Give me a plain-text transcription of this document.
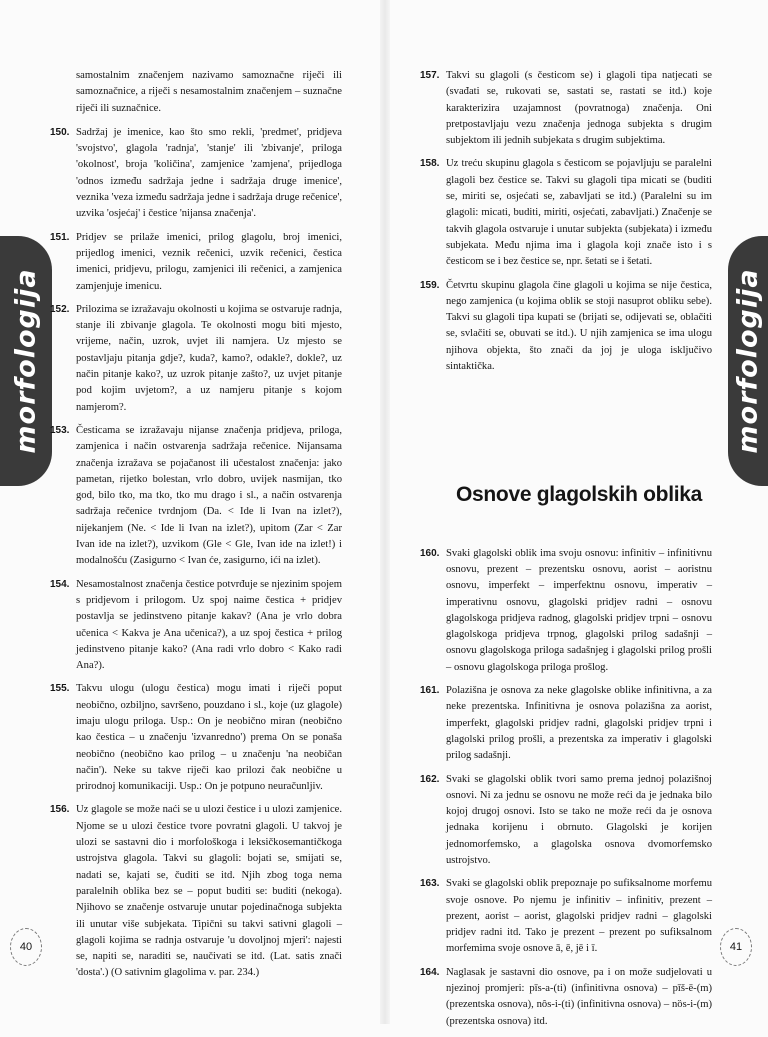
morfologija

samostalnim značenjem nazivamo samoznačne riječi ili samoznačnice, a riječi s nesamostalnim značenjem – suznačne riječi ili suznačnice.

150. Sadržaj je imenice, kao što smo rekli, 'predmet', pridjeva 'svojstvo', glagola 'radnja', 'stanje' ili 'zbivanje', priloga 'okolnost', broja 'količina', zamjenice 'zamjena', prijedloga 'odnos između sadržaja jedne i sadržaja druge imenice', veznika 'veza između sadržaja jedne i sadržaja druge rečenice', uzvika 'osjećaj' i čestice 'nijansa značenja'.

151. Pridjev se prilaže imenici, prilog glagolu, broj imenici, prijedlog imenici, veznik rečenici, uzvik rečenici, čestica imenici, pridjevu, prilogu, zamjenici ili rečenici, a zamjenica zamjenjuje imenicu.

152. Prilozima se izražavaju okolnosti u kojima se ostvaruje radnja, stanje ili zbivanje glagola. Te okolnosti mogu biti mjesto, vrijeme, način, uzrok, uvjet ili namjera. Uz mjesto se postavljaju pitanja gdje?, kuda?, kamo?, odakle?, dokle?, uz način pitanje kako?, uz uzrok pitanje zašto?, uz uvjet pitanje pod kojim uvjetom?, a uz namjeru pitanje s kojom namjerom?.

153. Česticama se izražavaju nijanse značenja pridjeva, priloga, zamjenica i način ostvarenja sadržaja rečenice. Nijansama značenja izražava se pojačanost ili učestalost značenja: jako pametan, rijetko bolestan, vrlo dobro, uvijek nasmijan, tko god, bilo tko, ma tko, tko mu drago i sl., a način ostvarenja sadržaja rečenice tvrdnjom (Da. < Ide li Ivan na izlet?), nijekanjem (Ne. < Ide li Ivan na izlet?), upitom (Zar < Zar Ivan ide na izlet?), uzvikom (Gle < Gle, Ivan ide na izlet!) i modalnošću (Zasigurno < Ivan će, zasigurno, ići na izlet).

154. Nesamostalnost značenja čestice potvrđuje se njezinim spojem s pridjevom i prilogom. Uz spoj naime čestica + pridjev postavlja se jedinstveno pitanje kakav? (Ana je vrlo dobra učenica < Kakva je Ana učenica?), a uz spoj čestica + prilog jedinstveno pitanje kako? (Ana radi vrlo dobro < Kako radi Ana?).

155. Takvu ulogu (ulogu čestica) mogu imati i riječi poput neobično, ozbiljno, savršeno, pouzdano i sl., koje (uz glagole) imaju ulogu priloga. Usp.: On je neobično miran (neobično kao čestica – u značenju 'izvanredno') prema On se ponaša neobično (neobično kao prilog – u značenju 'na neobičan način'). Neke su takve riječi kao prilozi čak neobične u prirodnoj komunikaciji. Usp.: On je potpuno neuračunljiv.

156. Uz glagole se može naći se u ulozi čestice i u ulozi zamjenice. Njome se u ulozi čestice tvore povratni glagoli. U takvoj je ulozi se sastavni dio i morfološkoga i leksičkosemantičkoga ustrojstva glagola. Takvi su glagoli: bojati se, smijati se, nadati se, kajati se, čuditi se itd. Njih zbog toga nema paralelnih oblika bez se – poput buditi se: buditi (nekoga). Njihovo se značenje ostvaruje unutar pojedinačnoga subjekta ili unutar više subjekata. Tipični su takvi sativni glagoli – glagoli kojima se radnja ostvaruje 'u dovoljnoj mjeri': najesti se, napiti se, naraditi se, naučivati se itd. (Lat. satis znači 'dosta'.) (O sativnim glagolima v. par. 234.)

40
morfologija
41

157. Takvi su glagoli (s česticom se) i glagoli tipa natjecati se (svađati se, rukovati se, sastati se, rastati se itd.) koje karakterizira uzajamnost (povratnoga) značenja. Oni pretpostavljaju vezu značenja jednoga subjekta s drugim subjektom ili jednih subjekata s drugim subjektima.

158. Uz treću skupinu glagola s česticom se pojavljuju se paralelni glagoli bez čestice se. Takvi su glagoli tipa micati se (buditi se, miriti se, osjećati se, zabavljati se itd.) (Paralelni su im glagoli: micati, buditi, miriti, osjećati, zabavljati.) Značenje se takvih glagola ostvaruje i unutar subjekta (subjekata) i između subjekata. Među njima ima i glagola koji znače isto i s česticom se i bez čestice se, npr. šetati se i šetati.

159. Četvrtu skupinu glagola čine glagoli u kojima se nije čestica, nego zamjenica (u kojima oblik se stoji nasuprot obliku sebe). Takvi su glagoli tipa kupati se (brijati se, odijevati se, oblačiti se, svlačiti se, obuvati se itd.). U njih zamjenica se ima ulogu njihova objekta, što znači da joj je uloga isključivo sintaktička.

Osnove glagolskih oblika

160. Svaki glagolski oblik ima svoju osnovu: infinitiv – infinitivnu osnovu, prezent – prezentsku osnovu, aorist – aoristnu osnovu, imperfekt – imperfektnu osnovu, imperativ – imperativnu osnovu, glagolski pridjev radni – osnovu glagolskoga pridjeva radnog, glagolski pridjev trpni – osnovu glagolskoga pridjeva trpnog, glagolski prilog sadašnji – osnovu glagolskoga priloga sadašnjeg i glagolski prilog prošli – osnovu glagolskoga priloga prošlog.

161. Polazišna je osnova za neke glagolske oblike infinitivna, a za neke prezentska. Infinitivna je osnova polazišna za aorist, imperfekt, glagolski pridjev radni, glagolski pridjev trpni i glagolski prilog prošli, a prezentska za imperativ i glagolski prilog sadašnji.

162. Svaki se glagolski oblik tvori samo prema jednoj polazišnoj osnovi. Ni za jednu se osnovu ne može reći da je jednaka bilo kojoj drugoj osnovi. Isto se tako ne može reći da je osnova jednaka korijenu i obrnuto. Glagolski je korijen jednomorfemsko, a glagolska osnova dvomorfemsko ustrojstvo.

163. Svaki se glagolski oblik prepoznaje po sufiksalnome morfemu svoje osnove. Po njemu je infinitiv – infinitiv, prezent – prezent, aorist – aorist, glagolski pridjev radni – glagolski pridjev radni itd. Tako je prezent – prezent po sufiksalnom morfemima svoje osnove ā, ē, jē i ī.

164. Naglasak je sastavni dio osnove, pa i on može sudjelovati u njezinoj promjeri: pīs-a-(ti) (infinitivna osnova) – pīš-ē-(m) (prezentska osnova), nôs-i-(ti) (infinitivna osnova) – nȍs-i-(m) (prezentska osnova) itd.
